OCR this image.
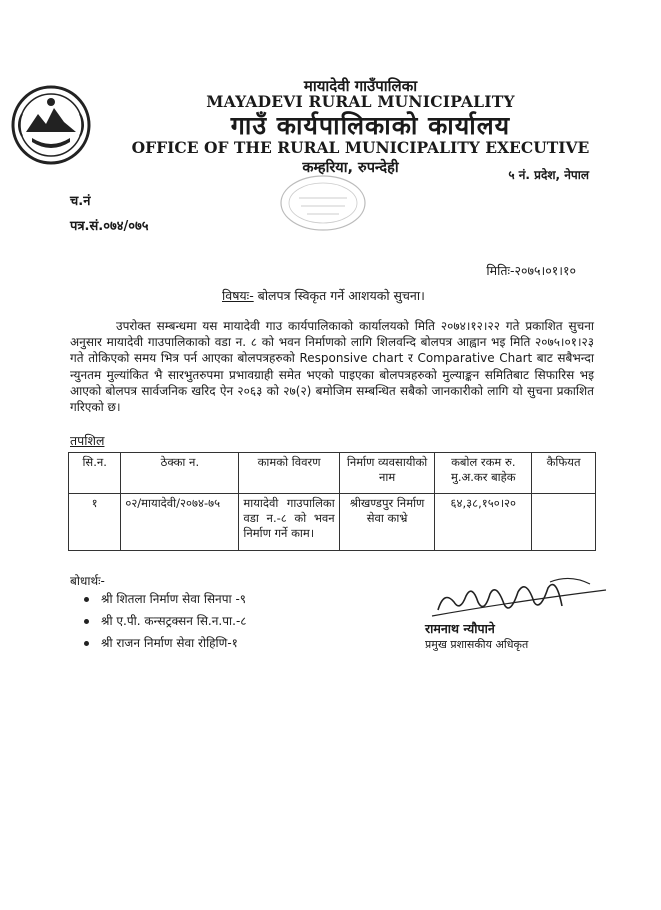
मायादेवी गाउँपालिका
MAYADEVI RURAL MUNICIPALITY
गाउँ कार्यपालिकाको कार्यालय
OFFICE OF THE RURAL MUNICIPALITY EXECUTIVE
कम्हरिया, रुपन्देही	५ नं. प्रदेश, नेपाल
च.नं
पत्र.सं.०७४/०७५
मितिः-२०७५।०१।१०
विषयः- बोलपत्र स्विकृत गर्ने आशयको सुचना।
उपरोक्त सम्बन्धमा यस मायादेवी गाउ कार्यपालिकाको कार्यालयको मिति २०७४।१२।२२ गते प्रकाशित सुचना अनुसार मायादेवी गाउपालिकाको वडा न. ८ को भवन निर्माणको लागि शिलवन्दि बोलपत्र आह्वान भइ मिति २०७५।०१।२३ गते तोकिएको समय भित्र पर्न आएका बोलपत्रहरुको Responsive chart र Comparative Chart बाट सबैभन्दा न्युनतम मुल्यांकित भै सारभुतरुपमा प्रभावग्राही समेत भएको पाइएका बोलपत्रहरुको मुल्याङ्कन समितिबाट सिफारिस भइ आएको बोलपत्र सार्वजनिक खरिद ऐन २०६३ को २७(२) बमोजिम सम्बन्धित सबैको जानकारीको लागि यो सुचना प्रकाशित गरिएको छ।
तपशिल
सि.न.	ठेक्का न.	कामको विवरण	निर्माण व्यवसायीको नाम	कबोल रकम रु. मु.अ.कर बाहेक	कैफियत
१	०२/मायादेवी/२०७४-७५	मायादेवी गाउपालिका वडा न.-८ को भवन निर्माण गर्ने काम।	श्रीखण्डपुर निर्माण सेवा काभ्रे	६४,३८,१५०।२०	
बोधार्थः-
श्री शितला निर्माण सेवा सिनपा -९
श्री ए.पी. कन्सट्रक्सन सि.न.पा.-८
श्री राजन निर्माण सेवा रोहिणि-१
रामनाथ न्यौपाने
प्रमुख प्रशासकीय अधिकृत
